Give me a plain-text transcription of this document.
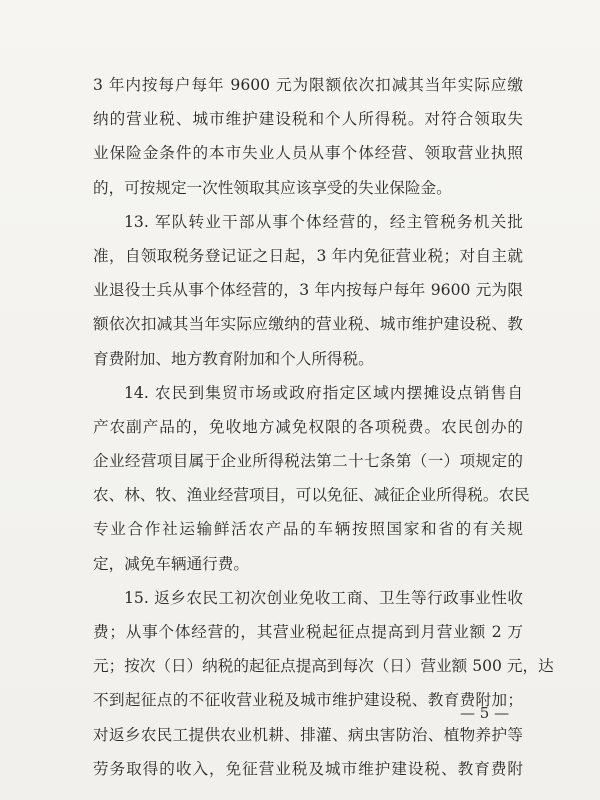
3 年内按每户每年 9600 元为限额依次扣减其当年实际应缴
纳的营业税、城市维护建设税和个人所得税。对符合领取失
业保险金条件的本市失业人员从事个体经营、领取营业执照
的，可按规定一次性领取其应该享受的失业保险金。
13. 军队转业干部从事个体经营的，经主管税务机关批
准，自领取税务登记证之日起，3 年内免征营业税；对自主就
业退役士兵从事个体经营的，3 年内按每户每年 9600 元为限
额依次扣减其当年实际应缴纳的营业税、城市维护建设税、教
育费附加、地方教育附加和个人所得税。
14. 农民到集贸市场或政府指定区域内摆摊设点销售自
产农副产品的，免收地方减免权限的各项税费。农民创办的
企业经营项目属于企业所得税法第二十七条第（一）项规定的
农、林、牧、渔业经营项目，可以免征、减征企业所得税。农民
专业合作社运输鲜活农产品的车辆按照国家和省的有关规
定，减免车辆通行费。
15. 返乡农民工初次创业免收工商、卫生等行政事业性收
费；从事个体经营的，其营业税起征点提高到月营业额 2 万
元；按次（日）纳税的起征点提高到每次（日）营业额 500 元，达
不到起征点的不征收营业税及城市维护建设税、教育费附加；
对返乡农民工提供农业机耕、排灌、病虫害防治、植物养护等
劳务取得的收入，免征营业税及城市维护建设税、教育费附
— 5 —
